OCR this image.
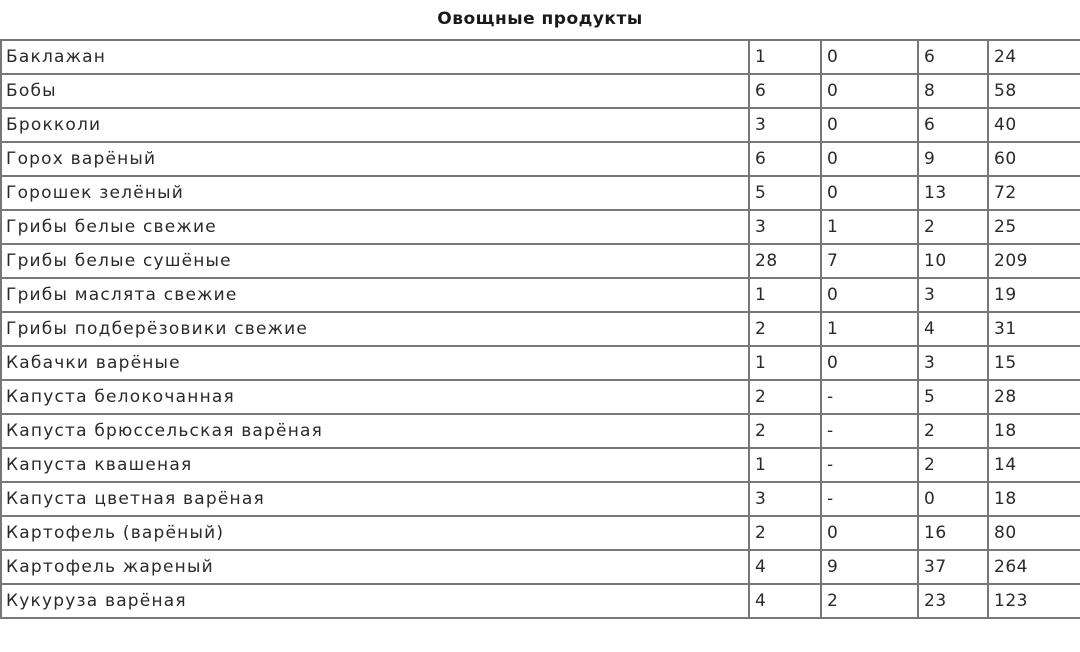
Овощные продукты
Баклажан	1	0	6	24
Бобы	6	0	8	58
Брокколи	3	0	6	40
Горох варёный	6	0	9	60
Горошек зелёный	5	0	13	72
Грибы белые свежие	3	1	2	25
Грибы белые сушёные	28	7	10	209
Грибы маслята свежие	1	0	3	19
Грибы подберёзовики свежие	2	1	4	31
Кабачки варёные	1	0	3	15
Капуста белокочанная	2	-	5	28
Капуста брюссельская варёная	2	-	2	18
Капуста квашеная	1	-	2	14
Капуста цветная варёная	3	-	0	18
Картофель (варёный)	2	0	16	80
Картофель жареный	4	9	37	264
Кукуруза варёная	4	2	23	123
